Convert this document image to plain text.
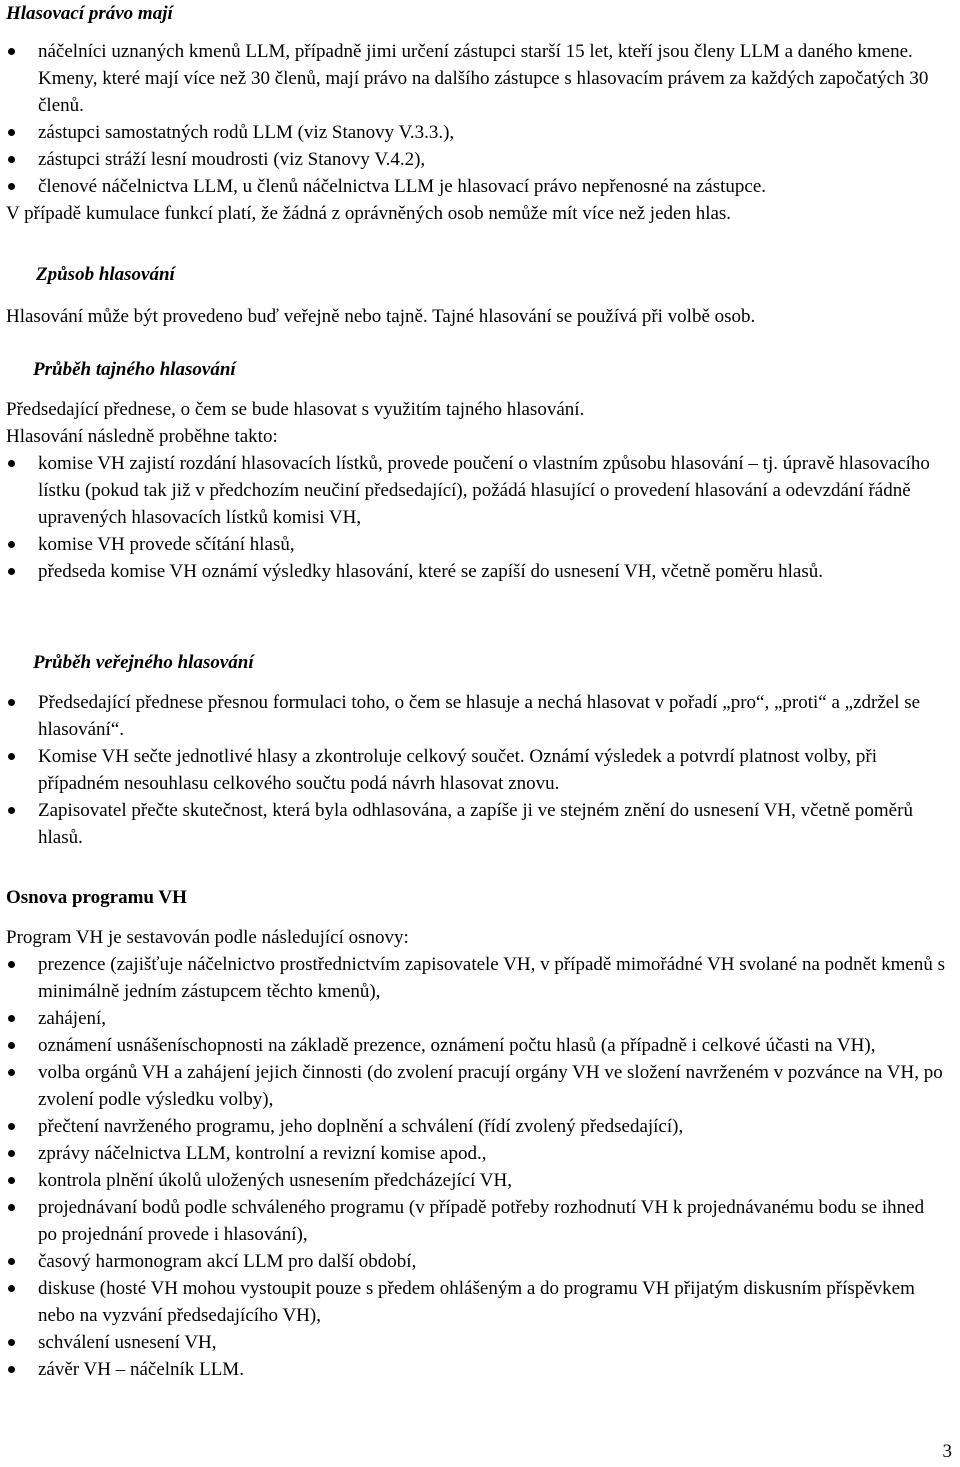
Hlasovací právo mají
náčelníci uznaných kmenů LLM, případně jimi určení zástupci starší 15 let, kteří jsou členy LLM a daného kmene. Kmeny, které mají více než 30 členů, mají právo na dalšího zástupce s hlasovacím právem za každých započatých 30 členů.
zástupci samostatných rodů LLM (viz Stanovy V.3.3.),
zástupci stráží lesní moudrosti (viz Stanovy V.4.2),
členové náčelnictva LLM, u členů náčelnictva LLM je hlasovací právo nepřenosné na zástupce.

V případě kumulace funkcí platí, že žádná z oprávněných osob nemůže mít více než jeden hlas.

Způsob hlasování

Hlasování může být provedeno buď veřejně nebo tajně. Tajné hlasování se používá při volbě osob.

Průběh tajného hlasování

Předsedající přednese, o čem se bude hlasovat s využitím tajného hlasování.

Hlasování následně proběhne takto:

komise VH zajistí rozdání hlasovacích lístků, provede poučení o vlastním způsobu hlasování – tj. úpravě hlasovacího lístku (pokud tak již v předchozím neučiní předsedající), požádá hlasující o provedení hlasování a odevzdání řádně upravených hlasovacích lístků komisi VH,
komise VH provede sčítání hlasů,
předseda komise VH oznámí výsledky hlasování, které se zapíší do usnesení VH, včetně poměru hlasů.
Průběh veřejného hlasování
Předsedající přednese přesnou formulaci toho, o čem se hlasuje a nechá hlasovat v pořadí „pro“, „proti“ a „zdržel se hlasování“.
Komise VH sečte jednotlivé hlasy a zkontroluje celkový součet. Oznámí výsledek a potvrdí platnost volby, při případném nesouhlasu celkového součtu podá návrh hlasovat znovu.
Zapisovatel přečte skutečnost, která byla odhlasována, a zapíše ji ve stejném znění do usnesení VH, včetně poměrů hlasů.
Osnova programu VH

Program VH je sestavován podle následující osnovy:

prezence (zajišťuje náčelnictvo prostřednictvím zapisovatele VH, v případě mimořádné VH svolané na podnět kmenů s minimálně jedním zástupcem těchto kmenů),
zahájení,
oznámení usnášeníschopnosti na základě prezence, oznámení počtu hlasů (a případně i celkové účasti na VH),
volba orgánů VH a zahájení jejich činnosti (do zvolení pracují orgány VH ve složení navrženém v pozvánce na VH, po zvolení podle výsledku volby),
přečtení navrženého programu, jeho doplnění a schválení (řídí zvolený předsedající),
zprávy náčelnictva LLM, kontrolní a revizní komise apod.,
kontrola plnění úkolů uložených usnesením předcházející VH,
projednávaní bodů podle schváleného programu (v případě potřeby rozhodnutí VH k projednávanému bodu se ihned po projednání provede i hlasování),
časový harmonogram akcí LLM pro další období,
diskuse (hosté VH mohou vystoupit pouze s předem ohlášeným a do programu VH přijatým diskusním příspěvkem nebo na vyzvání předsedajícího VH),
schválení usnesení VH,
závěr VH – náčelník LLM.
3
